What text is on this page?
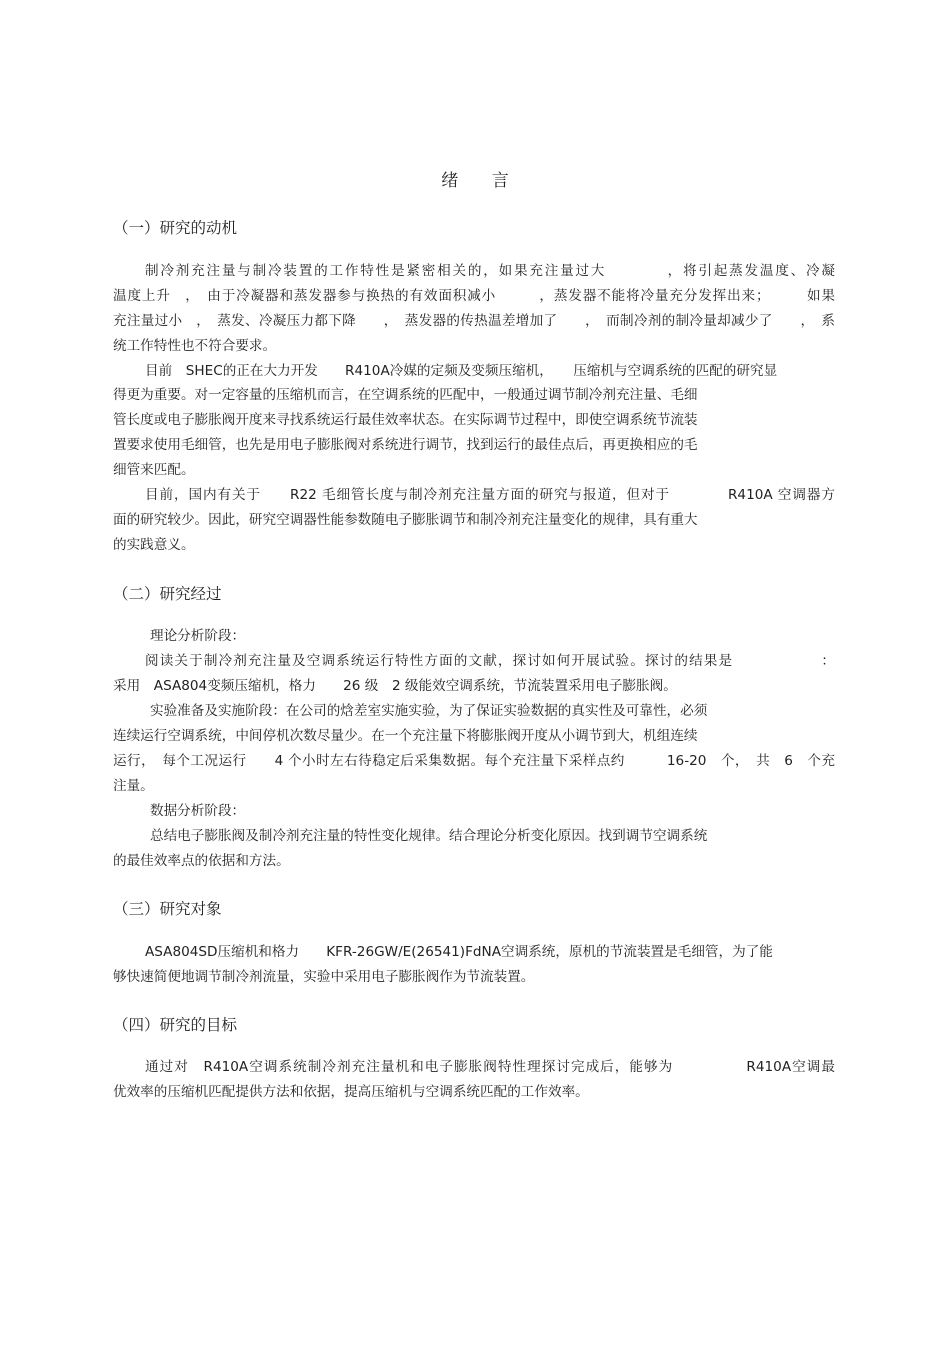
绪 言
（一）研究的动机
制冷剂充注量与制冷装置的工作特性是紧密相关的，如果充注量过大　　　　，将引起蒸发温度、冷凝
温度上升　，　由于冷凝器和蒸发器参与换热的有效面积减小　　　，蒸发器不能将冷量充分发挥出来；　　　如果
充注量过小　，　蒸发、冷凝压力都下降　　，　蒸发器的传热温差增加了　　，　而制冷剂的制冷量却减少了　　，　系
统工作特性也不符合要求。
目前　SHEC的正在大力开发　　R410A冷媒的定频及变频压缩机，　　压缩机与空调系统的匹配的研究显
得更为重要。对一定容量的压缩机而言，在空调系统的匹配中，一般通过调节制冷剂充注量、毛细
管长度或电子膨胀阀开度来寻找系统运行最佳效率状态。在实际调节过程中，即使空调系统节流装
置要求使用毛细管，也先是用电子膨胀阀对系统进行调节，找到运行的最佳点后，再更换相应的毛
细管来匹配。
目前，国内有关于　　R22 毛细管长度与制冷剂充注量方面的研究与报道，但对于　　　　R410A 空调器方
面的研究较少。因此，研究空调器性能参数随电子膨胀调节和制冷剂充注量变化的规律，具有重大
的实践意义。
（二）研究经过
理论分析阶段：
阅读关于制冷剂充注量及空调系统运行特性方面的文献，探讨如何开展试验。探讨的结果是　　　　　　：
采用　ASA804变频压缩机，格力　　26 级　2 级能效空调系统，节流装置采用电子膨胀阀。
实验准备及实施阶段：在公司的焓差室实施实验，为了保证实验数据的真实性及可靠性，必须
连续运行空调系统，中间停机次数尽量少。在一个充注量下将膨胀阀开度从小调节到大，机组连续
运行，　每个工况运行　　4 个小时左右待稳定后采集数据。每个充注量下采样点约　　　16-20　个，　共　6　个充
注量。
数据分析阶段：
总结电子膨胀阀及制冷剂充注量的特性变化规律。结合理论分析变化原因。找到调节空调系统
的最佳效率点的依据和方法。
（三）研究对象
ASA804SD压缩机和格力　　KFR-26GW/E(26541)FdNA空调系统，原机的节流装置是毛细管，为了能
够快速简便地调节制冷剂流量，实验中采用电子膨胀阀作为节流装置。
（四）研究的目标
通过对　R410A空调系统制冷剂充注量机和电子膨胀阀特性理探讨完成后，能够为　　　　　R410A空调最
优效率的压缩机匹配提供方法和依据，提高压缩机与空调系统匹配的工作效率。
